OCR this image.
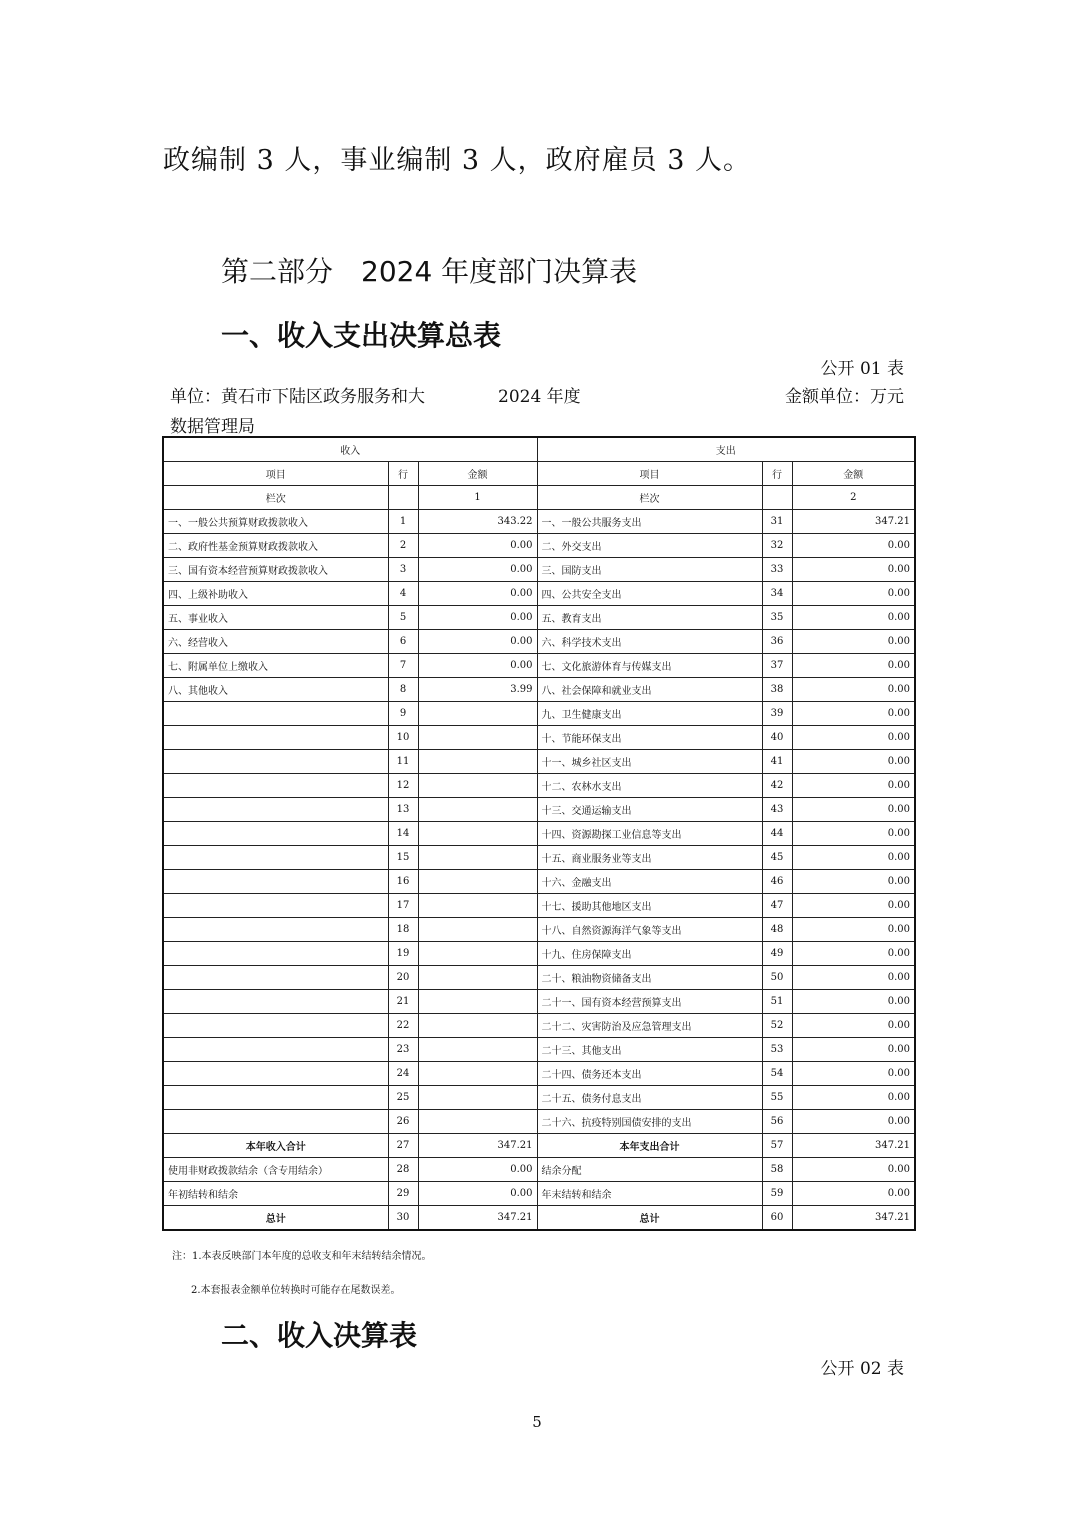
政编制 3 人，事业编制 3 人，政府雇员 3 人。
第二部分　2024 年度部门决算表
一、收入支出决算总表
公开 01 表
单位：黄石市下陆区政务服务和大数据管理局
2024 年度	金额单位：万元
收入			支出		
项目	行	金额	项目	行	金额
栏次		1	栏次		2
一、一般公共预算财政拨款收入	1	343.22	一、一般公共服务支出	31	347.21
二、政府性基金预算财政拨款收入	2	0.00	二、外交支出	32	0.00
三、国有资本经营预算财政拨款收入	3	0.00	三、国防支出	33	0.00
四、上级补助收入	4	0.00	四、公共安全支出	34	0.00
五、事业收入	5	0.00	五、教育支出	35	0.00
六、经营收入	6	0.00	六、科学技术支出	36	0.00
七、附属单位上缴收入	7	0.00	七、文化旅游体育与传媒支出	37	0.00
八、其他收入	8	3.99	八、社会保障和就业支出	38	0.00
	9		九、卫生健康支出	39	0.00
	10		十、节能环保支出	40	0.00
	11		十一、城乡社区支出	41	0.00
	12		十二、农林水支出	42	0.00
	13		十三、交通运输支出	43	0.00
	14		十四、资源勘探工业信息等支出	44	0.00
	15		十五、商业服务业等支出	45	0.00
	16		十六、金融支出	46	0.00
	17		十七、援助其他地区支出	47	0.00
	18		十八、自然资源海洋气象等支出	48	0.00
	19		十九、住房保障支出	49	0.00
	20		二十、粮油物资储备支出	50	0.00
	21		二十一、国有资本经营预算支出	51	0.00
	22		二十二、灾害防治及应急管理支出	52	0.00
	23		二十三、其他支出	53	0.00
	24		二十四、债务还本支出	54	0.00
	25		二十五、债务付息支出	55	0.00
	26		二十六、抗疫特别国债安排的支出	56	0.00
本年收入合计	27	347.21	本年支出合计	57	347.21
使用非财政拨款结余（含专用结余）	28	0.00	结余分配	58	0.00
年初结转和结余	29	0.00	年末结转和结余	59	0.00
总计	30	347.21	总计	60	347.21
注：1.本表反映部门本年度的总收支和年末结转结余情况。
2.本套报表金额单位转换时可能存在尾数误差。
二、收入决算表
公开 02 表
5
